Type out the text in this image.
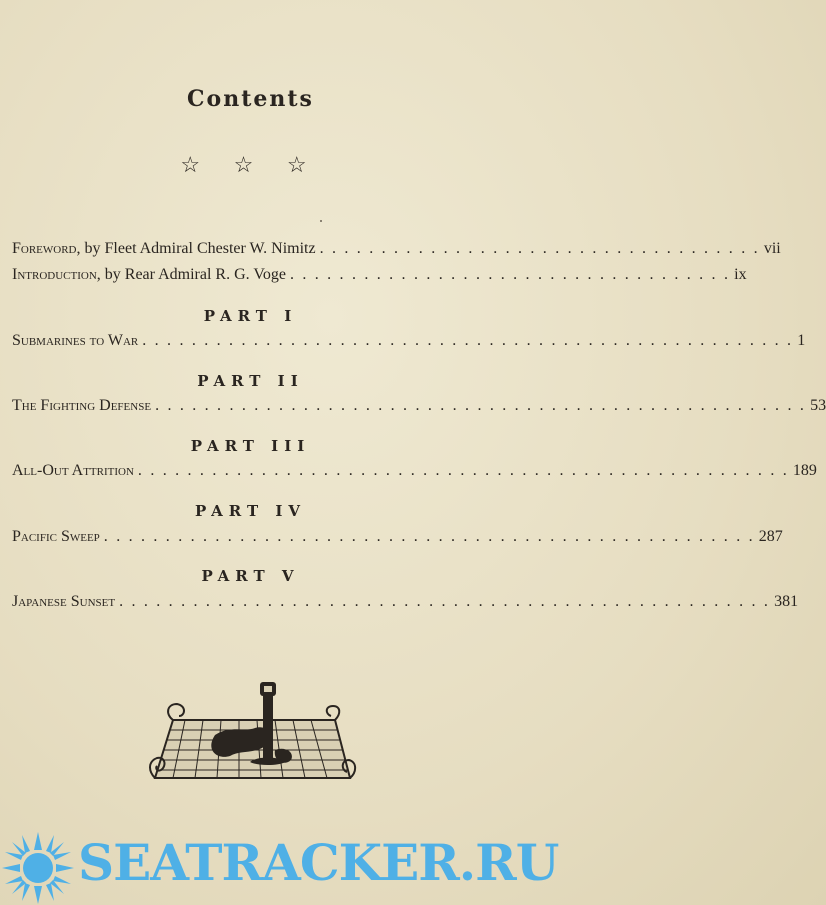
Contents
☆ ☆ ☆
Foreword, by Fleet Admiral Chester W. Nimitz . . . . . . . . . . . . . . . . . . . . . . . . . . . . . . . . . . . . vii
Introduction, by Rear Admiral R. G. Voge . . . . . . . . . . . . . . . . . . . . . . . . . . . . . . . . . . . . ix
PART I
Submarines to War . . . . . . . . . . . . . . . . . . . . . . . . . . . . . . . . . . . . . . . . . . . . . . . . . . . . . 1
PART II
The Fighting Defense . . . . . . . . . . . . . . . . . . . . . . . . . . . . . . . . . . . . . . . . . . . . . . . . . . . . . 53
PART III
All-Out Attrition . . . . . . . . . . . . . . . . . . . . . . . . . . . . . . . . . . . . . . . . . . . . . . . . . . . . . 189
PART IV
Pacific Sweep . . . . . . . . . . . . . . . . . . . . . . . . . . . . . . . . . . . . . . . . . . . . . . . . . . . . . 287
PART V
Japanese Sunset . . . . . . . . . . . . . . . . . . . . . . . . . . . . . . . . . . . . . . . . . . . . . . . . . . . . . 381
SEATRACKER.RU
